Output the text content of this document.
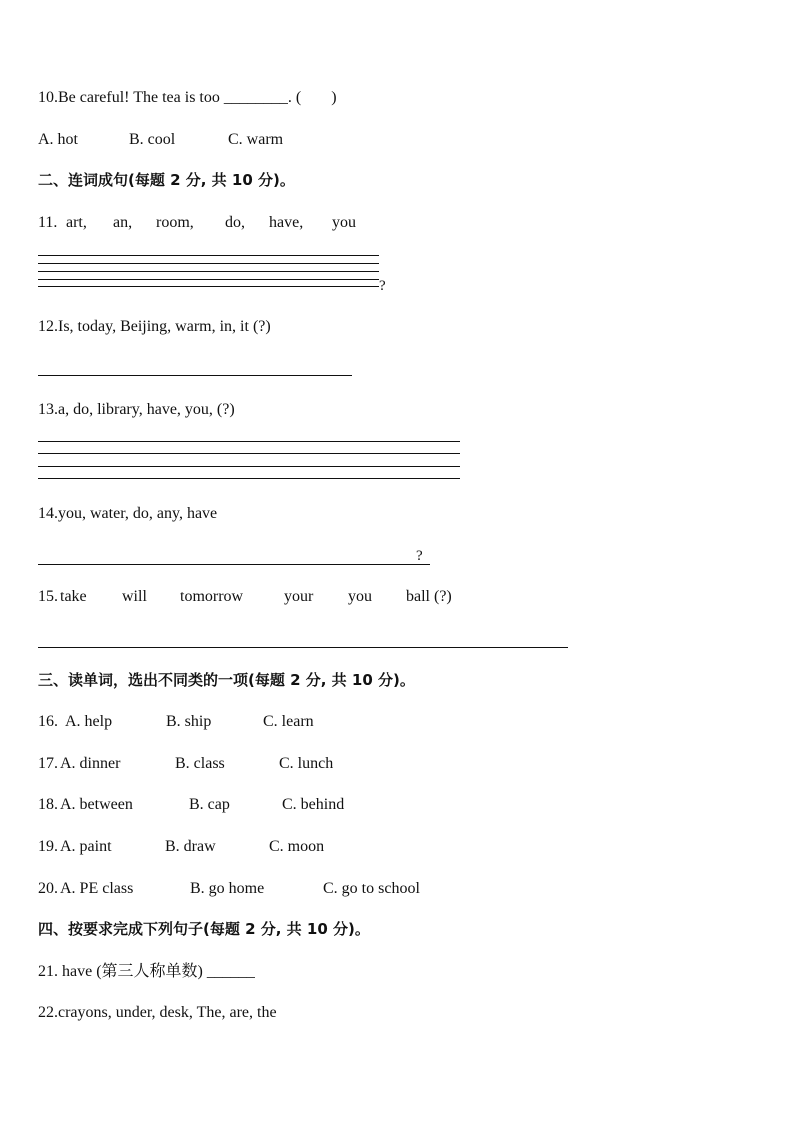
10.Be careful! The tea is too ________. ( )
A. hot	B. cool	C. warm
二、连词成句(每题 2 分, 共 10 分)。
11. art, an, room, do, have, you
?
12.Is, today, Beijing, warm, in, it (?)
13.a, do, library, have, you, (?)
14.you, water, do, any, have
?
15. take will tomorrow	your you ball (?)
三、读单词，选出不同类的一项(每题 2 分, 共 10 分)。
16. A. help	B. ship	C. learn
17. A. dinner	B. class	C. lunch
18. A. between	B. cap	C. behind
19. A. paint	B. draw	C. moon
20. A. PE class	B. go home	C. go to school
四、按要求完成下列句子(每题 2 分, 共 10 分)。
21. have (第三人称单数) ______
22.crayons, under, desk, The, are, the
